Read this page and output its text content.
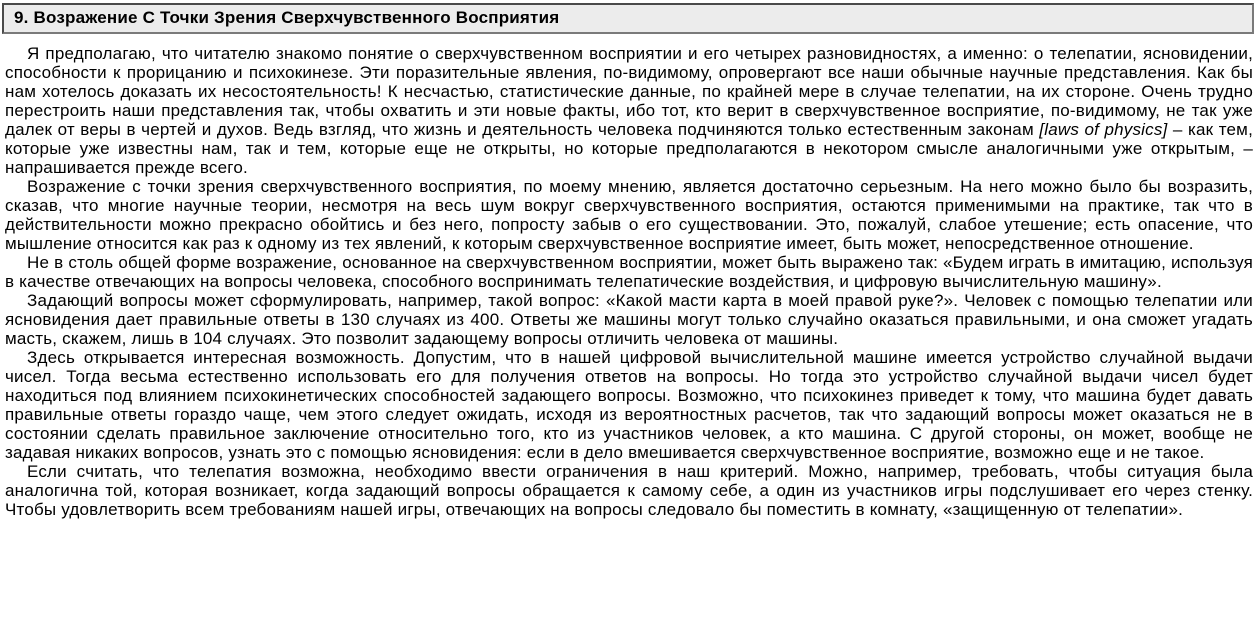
9. Возражение С Точки Зрения Сверхчувственного Восприятия

Я предполагаю, что читателю знакомо понятие о сверхчувственном восприятии и его четырех разновидностях, а именно: о телепатии, ясновидении, способности к прорицанию и психокинезе. Эти поразительные явления, по-видимому, опровергают все наши обычные научные представления. Как бы нам хотелось доказать их несостоятельность! К несчастью, статистические данные, по крайней мере в случае телепатии, на их стороне. Очень трудно перестроить наши представления так, чтобы охватить и эти новые факты, ибо тот, кто верит в сверхчувственное восприятие, по-видимому, не так уже далек от веры в чертей и духов. Ведь взгляд, что жизнь и деятельность человека подчиняются только естественным законам [laws of physics] – как тем, которые уже известны нам, так и тем, которые еще не открыты, но которые предполагаются в некотором смысле аналогичными уже открытым, – напрашивается прежде всего.

Возражение с точки зрения сверхчувственного восприятия, по моему мнению, является достаточно серьезным. На него можно было бы возразить, сказав, что многие научные теории, несмотря на весь шум вокруг сверхчувственного восприятия, остаются применимыми на практике, так что в действительности можно прекрасно обойтись и без него, попросту забыв о его существовании. Это, пожалуй, слабое утешение; есть опасение, что мышление относится как раз к одному из тех явлений, к которым сверхчувственное восприятие имеет, быть может, непосредственное отношение.

Не в столь общей форме возражение, основанное на сверхчувственном восприятии, может быть выражено так: «Будем играть в имитацию, используя в качестве отвечающих на вопросы человека, способного воспринимать телепатические воздействия, и цифровую вычислительную машину».

Задающий вопросы может сформулировать, например, такой вопрос: «Какой масти карта в моей правой руке?». Человек с помощью телепатии или ясновидения дает правильные ответы в 130 случаях из 400. Ответы же машины могут только случайно оказаться правильными, и она сможет угадать масть, скажем, лишь в 104 случаях. Это позволит задающему вопросы отличить человека от машины.

Здесь открывается интересная возможность. Допустим, что в нашей цифровой вычислительной машине имеется устройство случайной выдачи чисел. Тогда весьма естественно использовать его для получения ответов на вопросы. Но тогда это устройство случайной выдачи чисел будет находиться под влиянием психокинетических способностей задающего вопросы. Возможно, что психокинез приведет к тому, что машина будет давать правильные ответы гораздо чаще, чем этого следует ожидать, исходя из вероятностных расчетов, так что задающий вопросы может оказаться не в состоянии сделать правильное заключение относительно того, кто из участников человек, а кто машина. С другой стороны, он может, вообще не задавая никаких вопросов, узнать это с помощью ясновидения: если в дело вмешивается сверхчувственное восприятие, возможно еще и не такое.

Если считать, что телепатия возможна, необходимо ввести ограничения в наш критерий. Можно, например, требовать, чтобы ситуация была аналогична той, которая возникает, когда задающий вопросы обращается к самому себе, а один из участников игры подслушивает его через стенку. Чтобы удовлетворить всем требованиям нашей игры, отвечающих на вопросы следовало бы поместить в комнату, «защищенную от телепатии».
